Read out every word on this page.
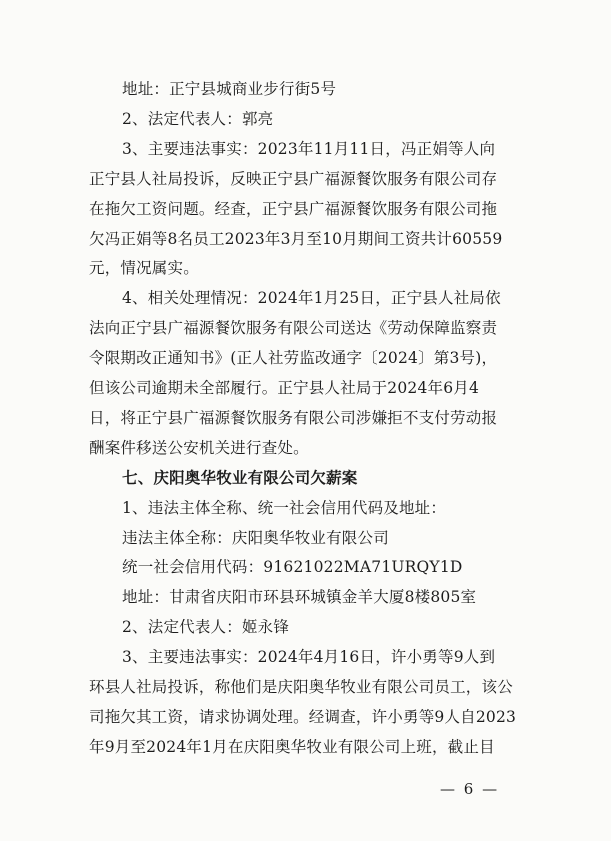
地址：正宁县城商业步行街5号
2、法定代表人：郭亮
3、主要违法事实：2023年11月11日，冯正娟等人向
正宁县人社局投诉，反映正宁县广福源餐饮服务有限公司存
在拖欠工资问题。经查，正宁县广福源餐饮服务有限公司拖
欠冯正娟等8名员工2023年3月至10月期间工资共计60559
元，情况属实。
4、相关处理情况：2024年1月25日，正宁县人社局依
法向正宁县广福源餐饮服务有限公司送达《劳动保障监察责
令限期改正通知书》(正人社劳监改通字〔2024〕第3号)，
但该公司逾期未全部履行。正宁县人社局于2024年6月4
日，将正宁县广福源餐饮服务有限公司涉嫌拒不支付劳动报
酬案件移送公安机关进行查处。
七、庆阳奥华牧业有限公司欠薪案
1、违法主体全称、统一社会信用代码及地址：
违法主体全称：庆阳奥华牧业有限公司
统一社会信用代码：91621022MA71URQY1D
地址：甘肃省庆阳市环县环城镇金羊大厦8楼805室
2、法定代表人：姬永锋
3、主要违法事实：2024年4月16日，许小勇等9人到
环县人社局投诉，称他们是庆阳奥华牧业有限公司员工，该公
司拖欠其工资，请求协调处理。经调查，许小勇等9人自2023
年9月至2024年1月在庆阳奥华牧业有限公司上班，截止目
— 6 —
